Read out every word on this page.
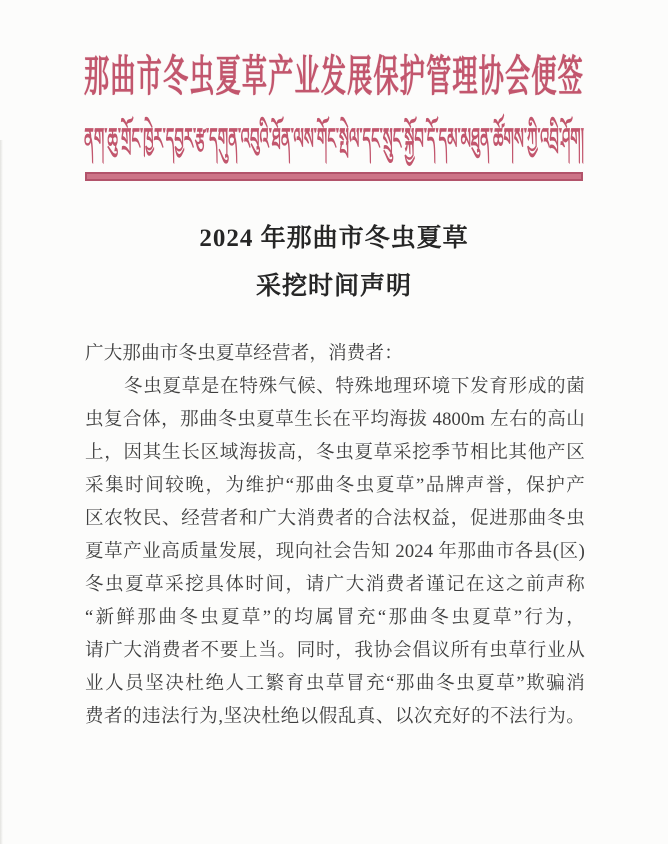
那曲市冬虫夏草产业发展保护管理协会便签
ནག་ཆུ་གྲོང་ཁྱེར་དབྱར་རྩ་དགུན་འབུའི་ཐོན་ལས་གོང་སྤེལ་དང་སྲུང་སྐྱོབ་དོ་དམ་མཐུན་ཚོགས་ཀྱི་འབྲི་ཤོག།
2024 年那曲市冬虫夏草
采挖时间声明
广大那曲市冬虫夏草经营者，消费者：
冬虫夏草是在特殊气候、特殊地理环境下发育形成的菌
虫复合体，那曲冬虫夏草生长在平均海拔 4800m 左右的高山
上，因其生长区域海拔高，冬虫夏草采挖季节相比其他产区
采集时间较晚，为维护“那曲冬虫夏草”品牌声誉，保护产
区农牧民、经营者和广大消费者的合法权益，促进那曲冬虫
夏草产业高质量发展，现向社会告知 2024 年那曲市各县(区)
冬虫夏草采挖具体时间，请广大消费者谨记在这之前声称
“新鲜那曲冬虫夏草”的均属冒充“那曲冬虫夏草”行为，
请广大消费者不要上当。同时，我协会倡议所有虫草行业从
业人员坚决杜绝人工繁育虫草冒充“那曲冬虫夏草”欺骗消
费者的违法行为,坚决杜绝以假乱真、以次充好的不法行为。
